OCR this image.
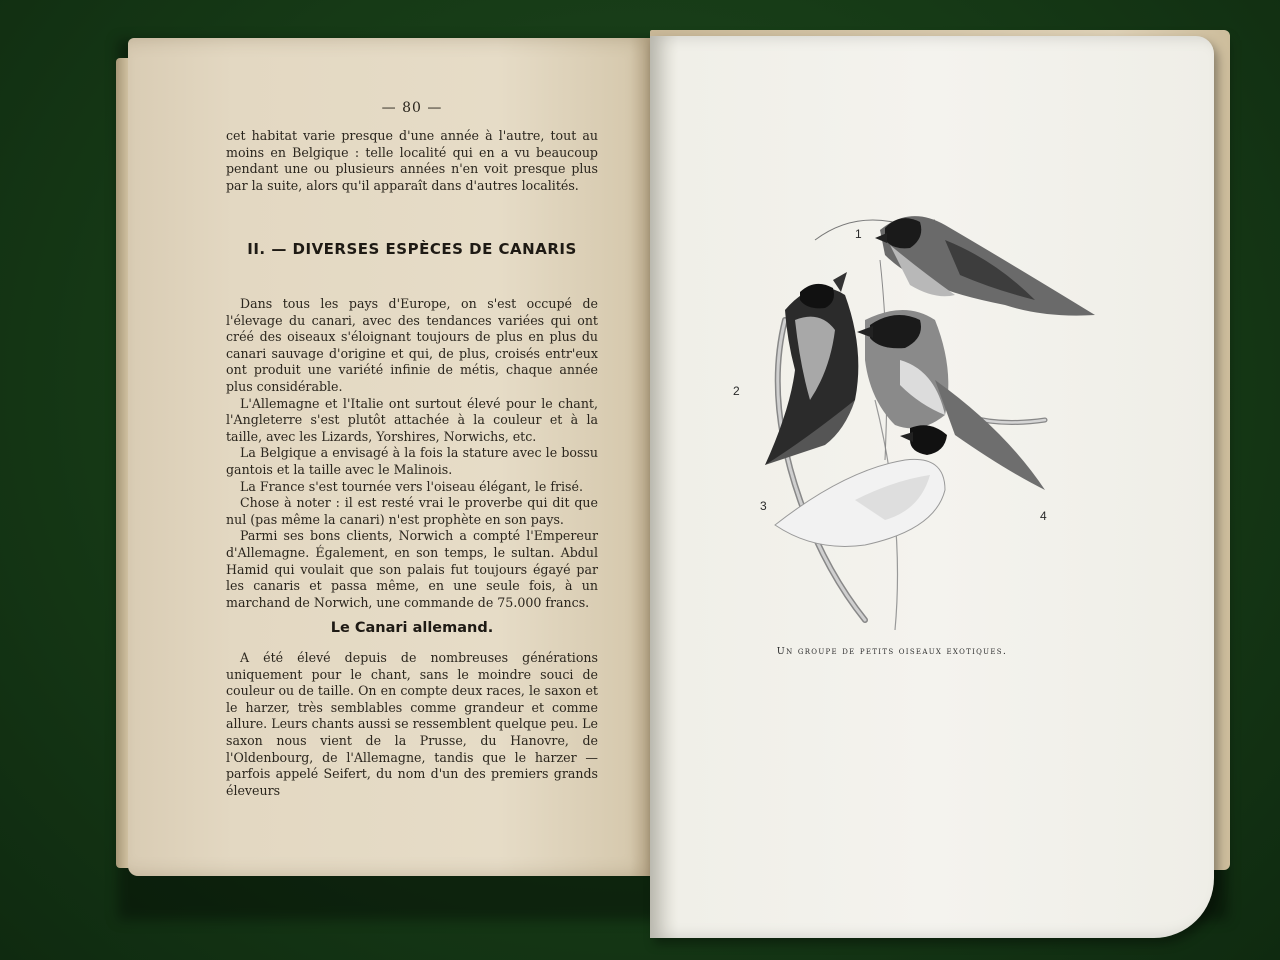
— 80 —

cet habitat varie presque d'une année à l'autre, tout au moins en Belgique : telle localité qui en a vu beaucoup pendant une ou plusieurs années n'en voit presque plus par la suite, alors qu'il apparaît dans d'autres localités.

II. — DIVERSES ESPÈCES DE CANARIS

Dans tous les pays d'Europe, on s'est occupé de l'élevage du canari, avec des tendances variées qui ont créé des oiseaux s'éloignant toujours de plus en plus du canari sauvage d'origine et qui, de plus, croisés entr'eux ont produit une variété infinie de métis, chaque année plus considérable.

L'Allemagne et l'Italie ont surtout élevé pour le chant, l'Angleterre s'est plutôt attachée à la couleur et à la taille, avec les Lizards, Yorshires, Norwichs, etc.

La Belgique a envisagé à la fois la stature avec le bossu gantois et la taille avec le Malinois.

La France s'est tournée vers l'oiseau élégant, le frisé.

Chose à noter : il est resté vrai le proverbe qui dit que nul (pas même la canari) n'est prophète en son pays.

Parmi ses bons clients, Norwich a compté l'Empereur d'Allemagne. Également, en son temps, le sultan. Abdul Hamid qui voulait que son palais fut toujours égayé par les canaris et passa même, en une seule fois, à un marchand de Norwich, une commande de 75.000 francs.

Le Canari allemand.

A été élevé depuis de nombreuses générations uniquement pour le chant, sans le moindre souci de couleur ou de taille. On en compte deux races, le saxon et le harzer, très semblables comme grandeur et comme allure. Leurs chants aussi se ressemblent quelque peu. Le saxon nous vient de la Prusse, du Hanovre, de l'Oldenbourg, de l'Allemagne, tandis que le harzer — parfois appelé Seifert, du nom d'un des premiers grands éleveurs

1
2
3
4
Un groupe de petits oiseaux exotiques.
